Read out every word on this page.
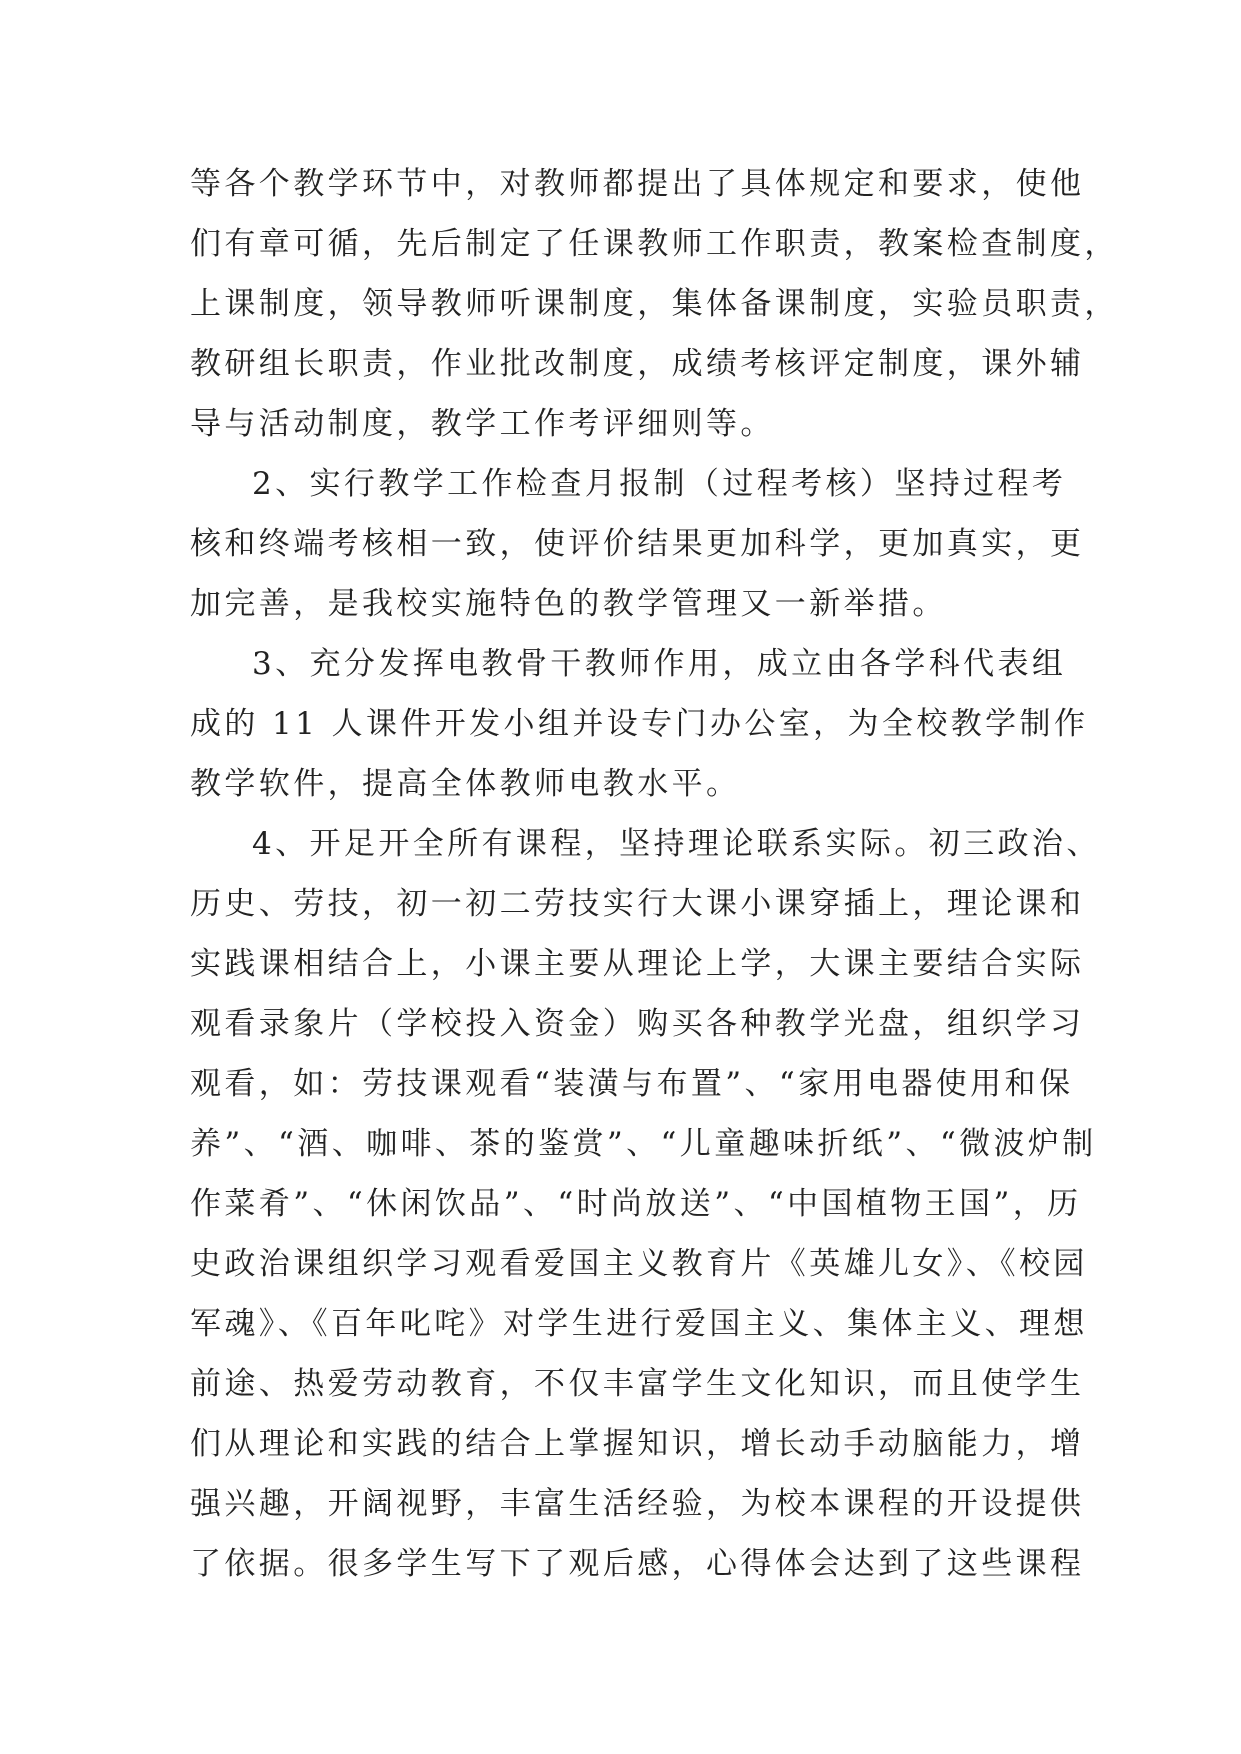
等各个教学环节中，对教师都提出了具体规定和要求，使他
们有章可循，先后制定了任课教师工作职责，教案检查制度，
上课制度，领导教师听课制度，集体备课制度，实验员职责，
教研组长职责，作业批改制度，成绩考核评定制度，课外辅
导与活动制度，教学工作考评细则等。
2、实行教学工作检查月报制（过程考核）坚持过程考
核和终端考核相一致，使评价结果更加科学，更加真实，更
加完善，是我校实施特色的教学管理又一新举措。
3、充分发挥电教骨干教师作用，成立由各学科代表组
成的 11 人课件开发小组并设专门办公室，为全校教学制作
教学软件，提高全体教师电教水平。
4、开足开全所有课程，坚持理论联系实际。初三政治、
历史、劳技，初一初二劳技实行大课小课穿插上，理论课和
实践课相结合上，小课主要从理论上学，大课主要结合实际
观看录象片（学校投入资金）购买各种教学光盘，组织学习
观看，如：劳技课观看“装潢与布置”、“家用电器使用和保
养”、“酒、咖啡、茶的鉴赏”、“儿童趣味折纸”、“微波炉制
作菜肴”、“休闲饮品”、“时尚放送”、“中国植物王国”，历
史政治课组织学习观看爱国主义教育片《英雄儿女》、《校园
军魂》、《百年叱咤》对学生进行爱国主义、集体主义、理想
前途、热爱劳动教育，不仅丰富学生文化知识，而且使学生
们从理论和实践的结合上掌握知识，增长动手动脑能力，增
强兴趣，开阔视野，丰富生活经验，为校本课程的开设提供
了依据。很多学生写下了观后感，心得体会达到了这些课程
